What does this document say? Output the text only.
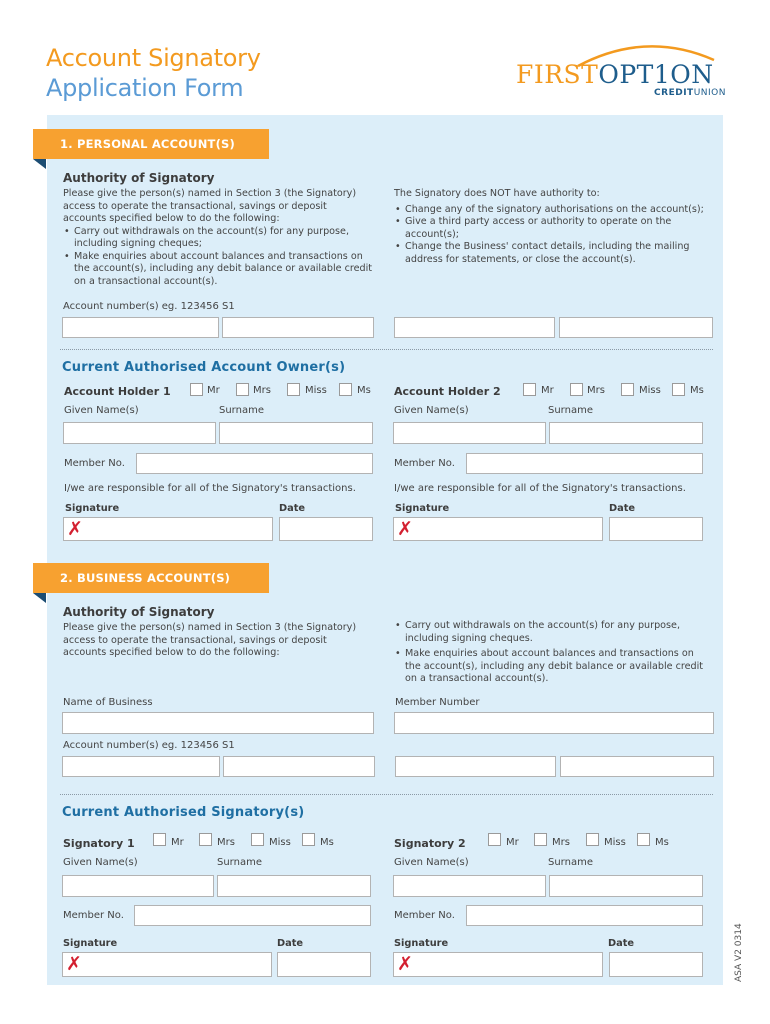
Account Signatory
Application Form	FIRSTOPT1ON
CREDITUNION
1. PERSONAL ACCOUNT(S)
Authority of Signatory
Please give the person(s) named in Section 3 (the Signatory) access to operate the transactional, savings or deposit accounts specified below to do the following:
• Carry out withdrawals on the account(s) for any purpose, including signing cheques;
• Make enquiries about account balances and transactions on the account(s), including any debit balance or available credit on a transactional account(s).
The Signatory does NOT have authority to:
• Change any of the signatory authorisations on the account(s);
• Give a third party access or authority to operate on the account(s);
• Change the Business' contact details, including the mailing address for statements, or close the account(s).
Account number(s) eg. 123456 S1
Current Authorised Account Owner(s)
Account Holder 1	Mr	Mrs	Miss	Ms
Given Name(s)	Surname
Member No.
I/we are responsible for all of the Signatory's transactions.
Signature	Date
✗
Account Holder 2	Mr	Mrs	Miss	Ms
Given Name(s)	Surname
Member No.
I/we are responsible for all of the Signatory's transactions.
Signature	Date
✗
2. BUSINESS ACCOUNT(S)
Authority of Signatory
Please give the person(s) named in Section 3 (the Signatory) access to operate the transactional, savings or deposit accounts specified below to do the following:
• Carry out withdrawals on the account(s) for any purpose, including signing cheques.
• Make enquiries about account balances and transactions on the account(s), including any debit balance or available credit on a transactional account(s).
Name of Business	Member Number
Account number(s) eg. 123456 S1
Current Authorised Signatory(s)
Signatory 1	Mr	Mrs	Miss	Ms
Given Name(s)	Surname
Member No.
Signature	Date
✗
Signatory 2	Mr	Mrs	Miss	Ms
Given Name(s)	Surname
Member No.
Signature	Date
✗	ASA V2 0314
